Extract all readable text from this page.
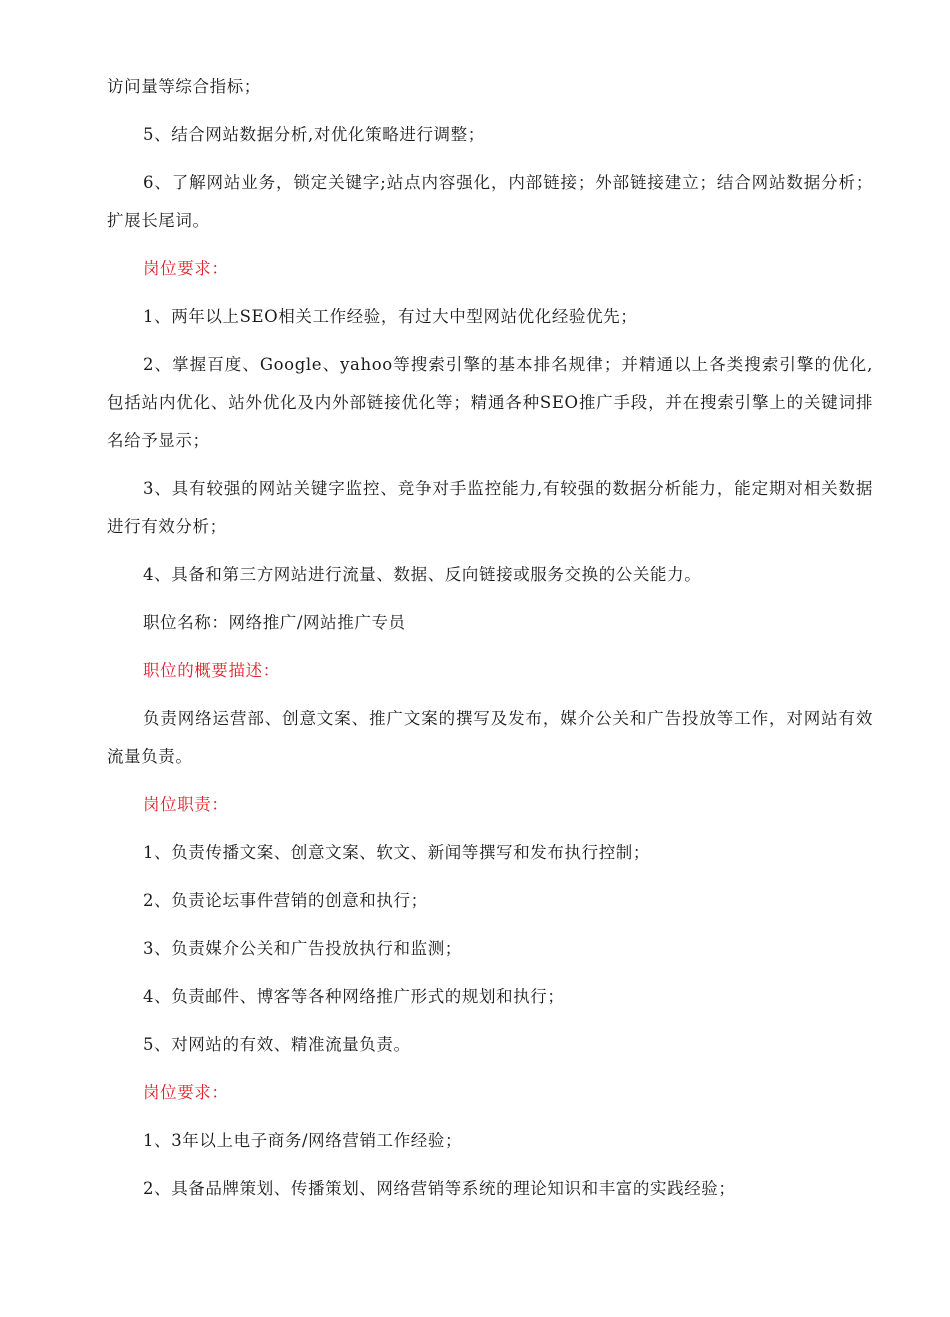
访问量等综合指标；

5、结合网站数据分析,对优化策略进行调整；

6、了解网站业务，锁定关键字;站点内容强化，内部链接；外部链接建立；结合网站数据分析；扩展长尾词。

岗位要求：

1、两年以上SEO相关工作经验，有过大中型网站优化经验优先；

2、掌握百度、Google、yahoo等搜索引擎的基本排名规律；并精通以上各类搜索引擎的优化,包括站内优化、站外优化及内外部链接优化等；精通各种SEO推广手段，并在搜索引擎上的关键词排名给予显示；

3、具有较强的网站关键字监控、竞争对手监控能力,有较强的数据分析能力，能定期对相关数据进行有效分析；

4、具备和第三方网站进行流量、数据、反向链接或服务交换的公关能力。

职位名称：网络推广/网站推广专员

职位的概要描述：

负责网络运营部、创意文案、推广文案的撰写及发布，媒介公关和广告投放等工作，对网站有效流量负责。

岗位职责：

1、负责传播文案、创意文案、软文、新闻等撰写和发布执行控制；

2、负责论坛事件营销的创意和执行；

3、负责媒介公关和广告投放执行和监测；

4、负责邮件、博客等各种网络推广形式的规划和执行；

5、对网站的有效、精准流量负责。

岗位要求：

1、3年以上电子商务/网络营销工作经验；

2、具备品牌策划、传播策划、网络营销等系统的理论知识和丰富的实践经验；
